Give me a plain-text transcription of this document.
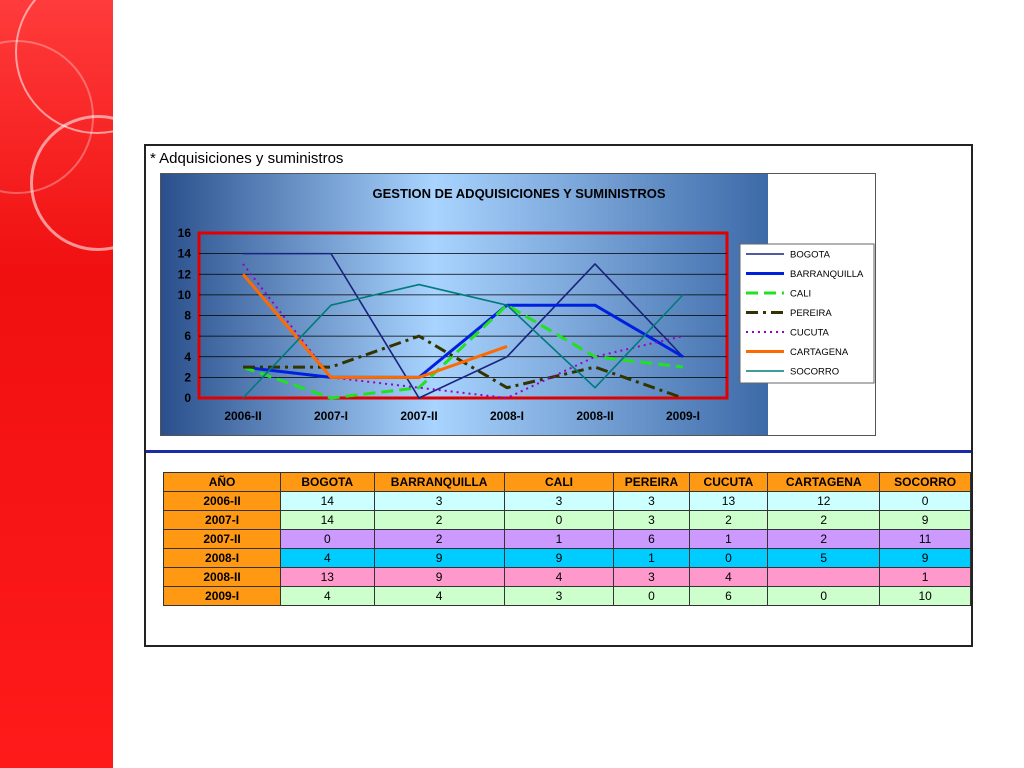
* Adquisiciones y suministros
GESTION DE ADQUISICIONES Y SUMINISTROS
0
2
4
6
8
10
12
14
16
2006-II	2007-I	2007-II	2008-I	2008-II	2009-I
BOGOTA
BARRANQUILLA
CALI
PEREIRA
CUCUTA
CARTAGENA
SOCORRO
AÑO	BOGOTA	BARRANQUILLA	CALI	PEREIRA	CUCUTA	CARTAGENA	SOCORRO
2006-II	14	3	3	3	13	12	0
2007-I	14	2	0	3	2	2	9
2007-II	0	2	1	6	1	2	11
2008-I	4	9	9	1	0	5	9
2008-II	13	9	4	3	4		1
2009-I	4	4	3	0	6	0	10
